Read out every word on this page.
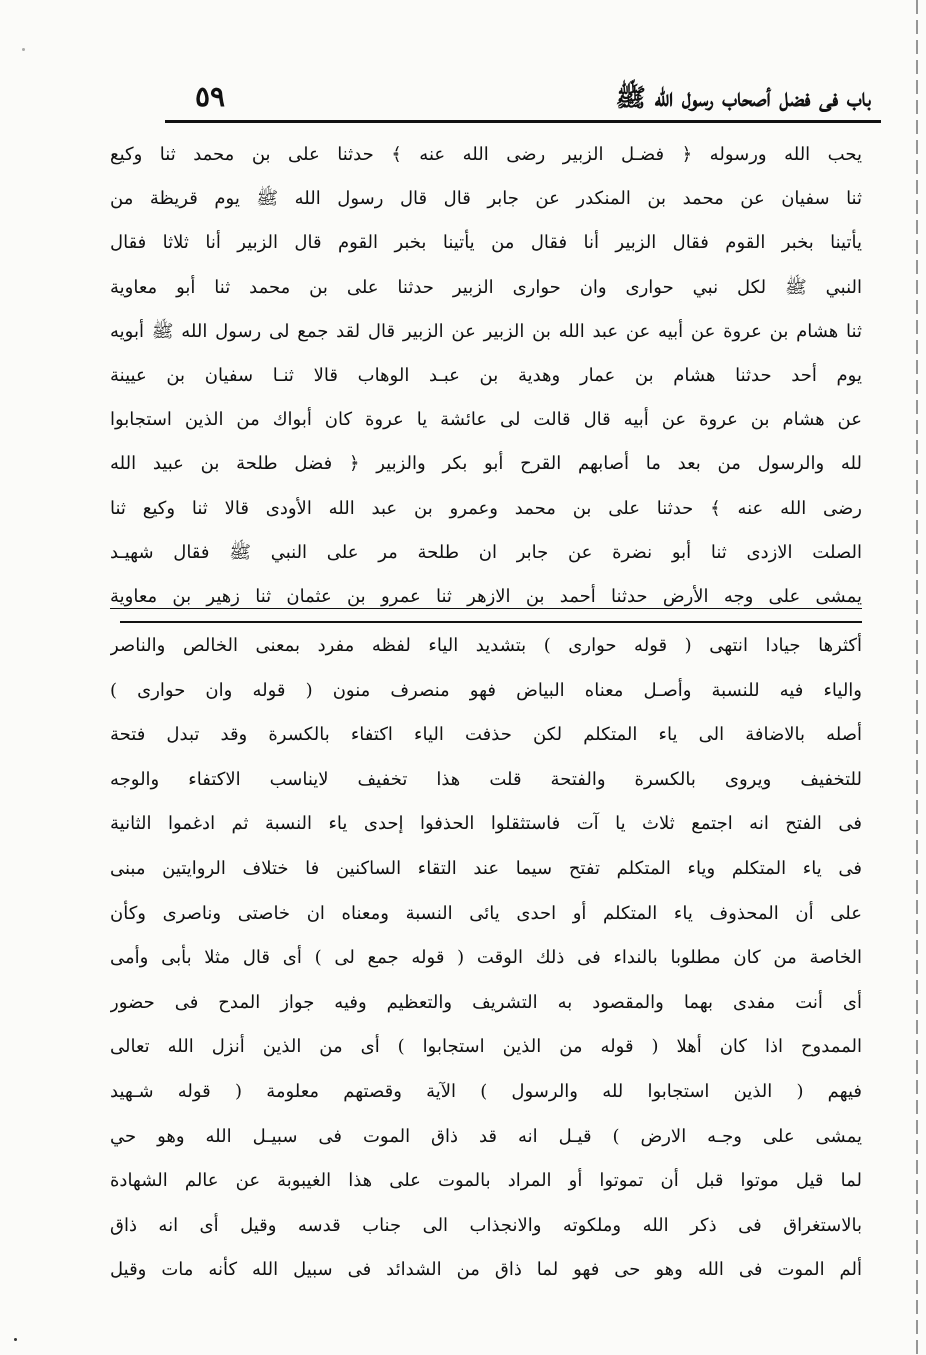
باب فى فضل أصحاب رسول الله ﷺ
٥٩
يحب الله ورسوله ﴿ فضـل الزبير رضى الله عنه ﴾ حدثنا على بن محمد ثنا وكيع
ثنا سفيان عن محمد بن المنكدر عن جابر قال قال رسول الله ﷺ يوم قريظة من
يأتينا بخبر القوم فقال الزبير أنا فقال من يأتينا بخبر القوم قال الزبير أنا ثلاثا فقال
النبي ﷺ لكل نبي حوارى وان حوارى الزبير حدثنا على بن محمد ثنا أبو معاوية
ثنا هشام بن عروة عن أبيه عن عبد الله بن الزبير عن الزبير قال لقد جمع لى رسول الله ﷺ أبويه
يوم أحد حدثنا هشام بن عمار وهدية بن عبـد الوهاب قالا ثنـا سفيان بن عيينة
عن هشام بن عروة عن أبيه قال قالت لى عائشة يا عروة كان أبواك من الذين استجابوا
لله والرسول من بعد ما أصابهم القرح أبو بكر والزبير ﴿ فضل طلحة بن عبيد الله
رضى الله عنه ﴾ حدثنا على بن محمد وعمرو بن عبد الله الأودى قالا ثنا وكيع ثنا
الصلت الازدى ثنا أبو نضرة عن جابر ان طلحة مر على النبي ﷺ فقال شهيـد
يمشى على وجه الأرض حدثنا أحمد بن الازهر ثنا عمرو بن عثمان ثنا زهير بن معاوية
أكثرها جيادا انتهى ( قوله حوارى ) بتشديد الياء لفظه مفرد بمعنى الخالص والناصر
والياء فيه للنسبة وأصـل معناه البياض فهو منصرف منون ( قوله وان حوارى )
أصله بالاضافة الى ياء المتكلم لكن حذفت الياء اكتفاء بالكسرة وقد تبدل فتحة
للتخفيف ويروى بالكسرة والفتحة قلت هذا تخفيف لايناسب الاكتفاء والوجه
فى الفتح انه اجتمع ثلاث يا آت فاستثقلوا الحذفوا إحدى ياء النسبة ثم ادغموا الثانية
فى ياء المتكلم وياء المتكلم تفتح سيما عند التقاء الساكنين فا ختلاف الروايتين مبنى
على أن المحذوف ياء المتكلم أو احدى يائى النسبة ومعناه ان خاصتى وناصرى وكأن
الخاصة من كان مطلوبا بالنداء فى ذلك الوقت ( قوله جمع لى ) أى قال مثلا بأبى وأمى
أى أنت مفدى بهما والمقصود به التشريف والتعظيم وفيه جواز المدح فى حضور
الممدوح اذا كان أهلا ( قوله من الذين استجابوا ) أى من الذين أنزل الله تعالى
فيهم ( الذين استجابوا لله والرسول ) الآية وقصتهم معلومة ( قوله شـهيد
يمشى على وجـه الارض ) قيـل انه قد ذاق الموت فى سبيـل الله وهو حي
لما قيل موتوا قبل أن تموتوا أو المراد بالموت على هذا الغيبوبة عن عالم الشهادة
بالاستغراق فى ذكر الله وملكوته والانجذاب الى جناب قدسه وقيل أى انه ذاق
ألم الموت فى الله وهو حى فهو لما ذاق من الشدائد فى سبيل الله كأنه مات وقيل
